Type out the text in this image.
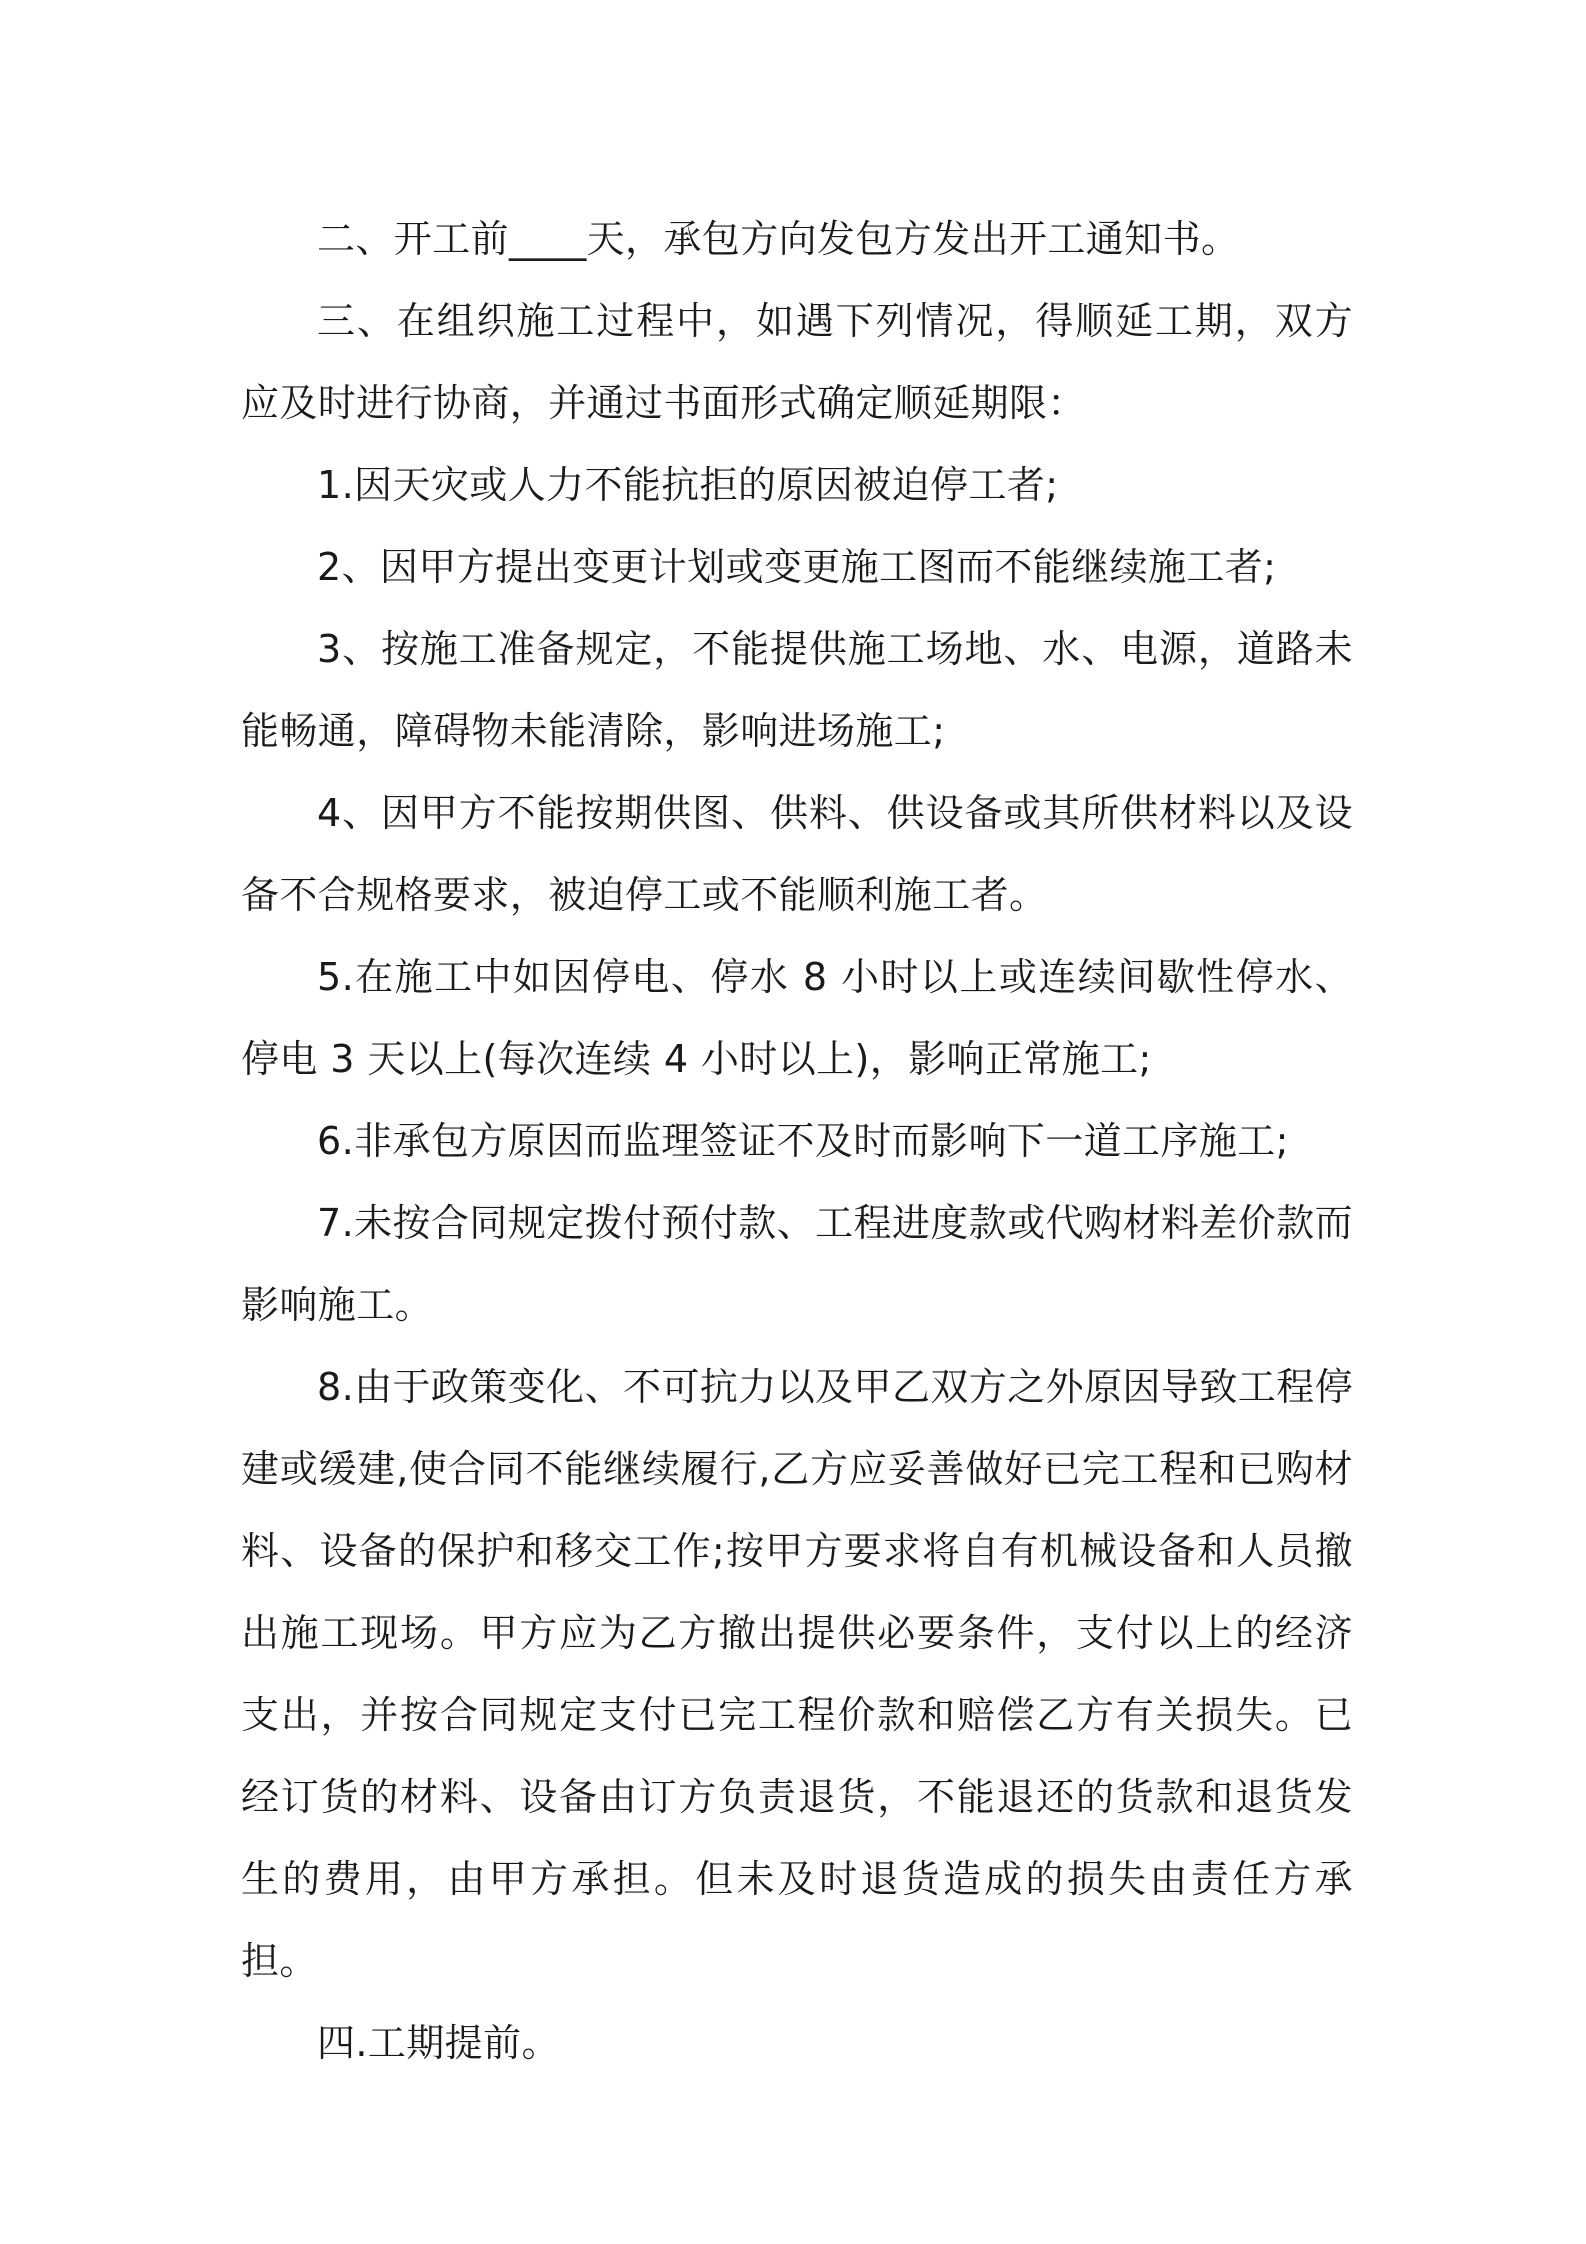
二、开工前____天，承包方向发包方发出开工通知书。

三、在组织施工过程中，如遇下列情况，得顺延工期，双方应及时进行协商，并通过书面形式确定顺延期限：

1.因天灾或人力不能抗拒的原因被迫停工者;

2、因甲方提出变更计划或变更施工图而不能继续施工者;

3、按施工准备规定，不能提供施工场地、水、电源，道路未能畅通，障碍物未能清除，影响进场施工;

4、因甲方不能按期供图、供料、供设备或其所供材料以及设备不合规格要求，被迫停工或不能顺利施工者。

5.在施工中如因停电、停水 8 小时以上或连续间歇性停水、停电 3 天以上(每次连续 4 小时以上)，影响正常施工;

6.非承包方原因而监理签证不及时而影响下一道工序施工;

7.未按合同规定拨付预付款、工程进度款或代购材料差价款而影响施工。

8.由于政策变化、不可抗力以及甲乙双方之外原因导致工程停建或缓建,使合同不能继续履行,乙方应妥善做好已完工程和已购材料、设备的保护和移交工作;按甲方要求将自有机械设备和人员撤出施工现场。甲方应为乙方撤出提供必要条件，支付以上的经济支出，并按合同规定支付已完工程价款和赔偿乙方有关损失。已经订货的材料、设备由订方负责退货，不能退还的货款和退货发生的费用，由甲方承担。但未及时退货造成的损失由责任方承担。

四.工期提前。
